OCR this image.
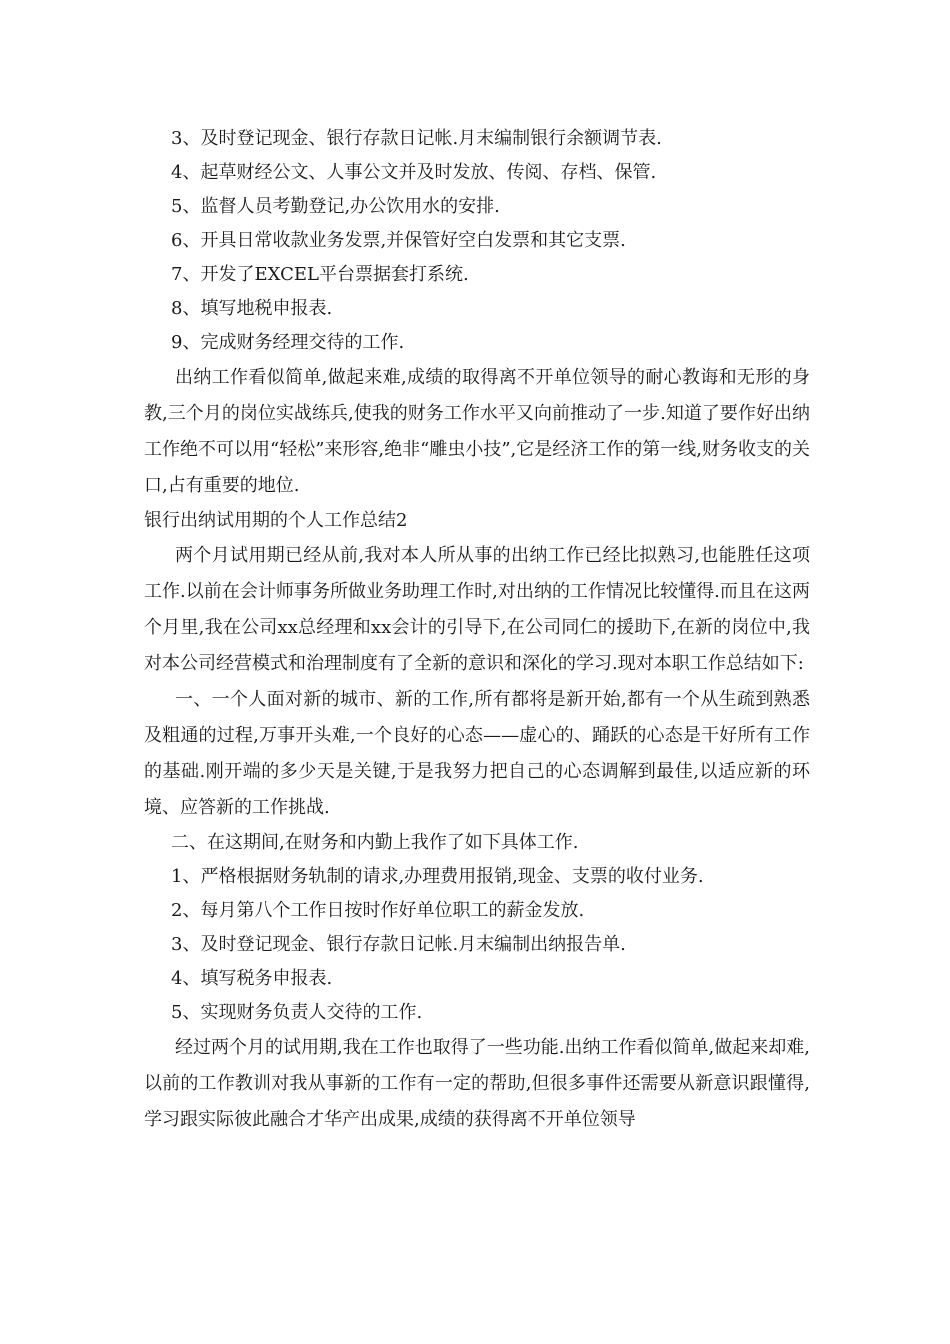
3、及时登记现金、银行存款日记帐.月末编制银行余额调节表.
4、起草财经公文、人事公文并及时发放、传阅、存档、保管.
5、监督人员考勤登记,办公饮用水的安排.
6、开具日常收款业务发票,并保管好空白发票和其它支票.
7、开发了EXCEL平台票据套打系统.
8、填写地税申报表.
9、完成财务经理交待的工作.
出纳工作看似简单,做起来难,成绩的取得离不开单位领导的耐心教诲和无形的身教,三个月的岗位实战练兵,使我的财务工作水平又向前推动了一步.知道了要作好出纳工作绝不可以用“轻松”来形容,绝非“雕虫小技”,它是经济工作的第一线,财务收支的关口,占有重要的地位.
银行出纳试用期的个人工作总结2
两个月试用期已经从前,我对本人所从事的出纳工作已经比拟熟习,也能胜任这项工作.以前在会计师事务所做业务助理工作时,对出纳的工作情况比较懂得.而且在这两个月里,我在公司xx总经理和xx会计的引导下,在公司同仁的援助下,在新的岗位中,我对本公司经营模式和治理制度有了全新的意识和深化的学习.现对本职工作总结如下:
一、一个人面对新的城市、新的工作,所有都将是新开始,都有一个从生疏到熟悉及粗通的过程,万事开头难,一个良好的心态——虚心的、踊跃的心态是干好所有工作的基础.刚开端的多少天是关键,于是我努力把自己的心态调解到最佳,以适应新的环境、应答新的工作挑战.
二、在这期间,在财务和内勤上我作了如下具体工作.
1、严格根据财务轨制的请求,办理费用报销,现金、支票的收付业务.
2、每月第八个工作日按时作好单位职工的薪金发放.
3、及时登记现金、银行存款日记帐.月末编制出纳报告单.
4、填写税务申报表.
5、实现财务负责人交待的工作.
经过两个月的试用期,我在工作也取得了一些功能.出纳工作看似简单,做起来却难,以前的工作教训对我从事新的工作有一定的帮助,但很多事件还需要从新意识跟懂得,学习跟实际彼此融合才华产出成果,成绩的获得离不开单位领导
